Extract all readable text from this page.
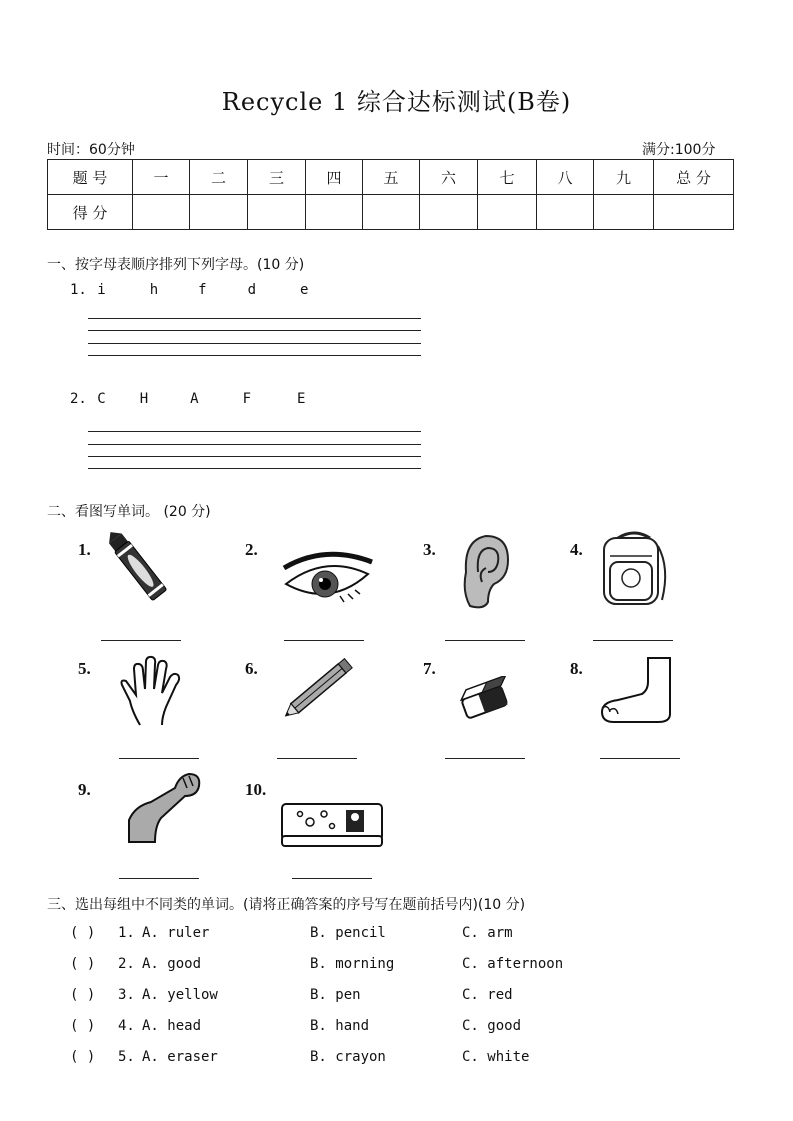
Recycle 1 综合达标测试(B卷)
时间：60分钟	满分:100分
题 号	一	二	三	四	五	六	七	八	九	总 分
得 分										
一、按字母表顺序排列下列字母。(10 分)
1. i	h	f	d	e
2. C H	A	F	E
二、看图写单词。 (20 分)
1.	2.	3.	4.
5.	6.	7.	8.
9.	10.
三、选出每组中不同类的单词。(请将正确答案的序号写在题前括号内)(10 分)
( ) 1. A. ruler	B. pencil	C. arm
( ) 2. A. good	B. morning	C. afternoon
( ) 3. A. yellow	B. pen	C. red
( ) 4. A. head	B. hand	C. good
( ) 5. A. eraser	B. crayon	C. white
